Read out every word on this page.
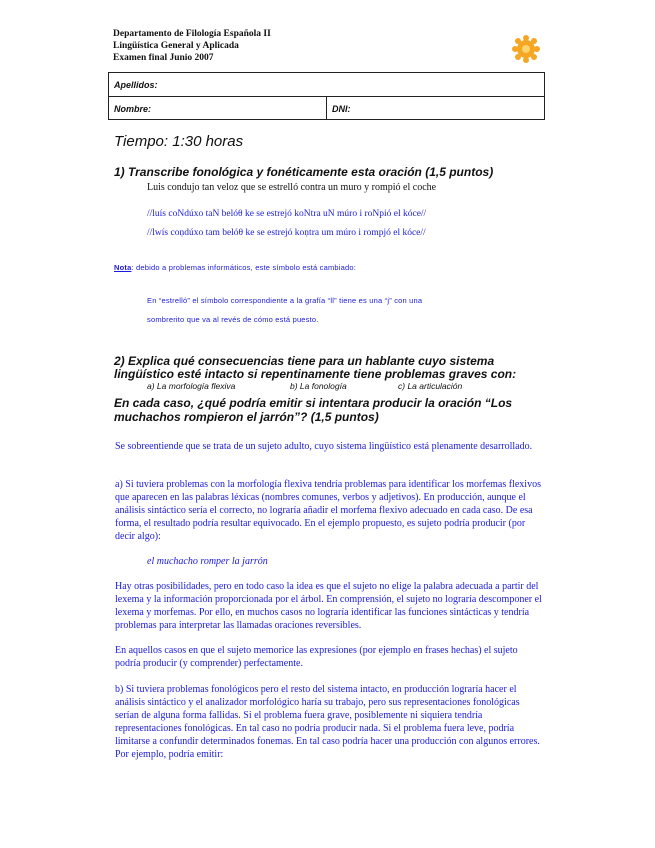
Departamento de Filología Española II
Lingüística General y Aplicada
Examen final Junio 2007
Apellidos:
Nombre:	DNI:
Tiempo: 1:30 horas
1) Transcribe fonológica y fonéticamente esta oración (1,5 puntos)
Luis condujo tan veloz que se estrelló contra un muro y rompió el coche
//luís coNdúxo taN belóθ ke se estrejó koNtra uN múro i roNpió el kóce//
//lwís coṇdúxo tam belóθ ke se estrejó koṇtra um múro i rompjó el kóce//
Nota: debido a problemas informáticos, este símbolo está cambiado:
En “estrelló” el símbolo correspondiente a la grafía “ll” tiene es una “j” con una
sombrerito que va al revés de cómo está puesto.
2) Explica qué consecuencias tiene para un hablante cuyo sistema
lingüístico esté intacto si repentinamente tiene problemas graves con:
a) La morfología flexiva	b) La fonología	c) La articulación
En cada caso, ¿qué podría emitir si intentara producir la oración “Los
muchachos rompieron el jarrón”? (1,5 puntos)
Se sobreentiende que se trata de un sujeto adulto, cuyo sistema lingüístico está plenamente desarrollado.
a) Si tuviera problemas con la morfología flexiva tendría problemas para identificar los morfemas flexivos que aparecen en las palabras léxicas (nombres comunes, verbos y adjetivos). En producción, aunque el análisis sintáctico sería el correcto, no lograría añadir el morfema flexivo adecuado en cada caso. De esa forma, el resultado podría resultar equivocado. En el ejemplo propuesto, es sujeto podría producir (por decir algo):
el muchacho romper la jarrón
Hay otras posibilidades, pero en todo caso la idea es que el sujeto no elige la palabra adecuada a partir del lexema y la información proporcionada por el árbol. En comprensión, el sujeto no lograría descomponer el lexema y morfemas. Por ello, en muchos casos no lograría identificar las funciones sintácticas y tendría problemas para interpretar las llamadas oraciones reversibles.
En aquellos casos en que el sujeto memorice las expresiones (por ejemplo en frases hechas) el sujeto podría producir (y comprender) perfectamente.
b) Si tuviera problemas fonológicos pero el resto del sistema intacto, en producción lograría hacer el análisis sintáctico y el analizador morfológico haría su trabajo, pero sus representaciones fonológicas serían de alguna forma fallidas. Si el problema fuera grave, posiblemente ni siquiera tendría representaciones fonológicas. En tal caso no podría producir nada. Si el problema fuera leve, podría limitarse a confundir determinados fonemas. En tal caso podría hacer una producción con algunos errores. Por ejemplo, podría emitir:
